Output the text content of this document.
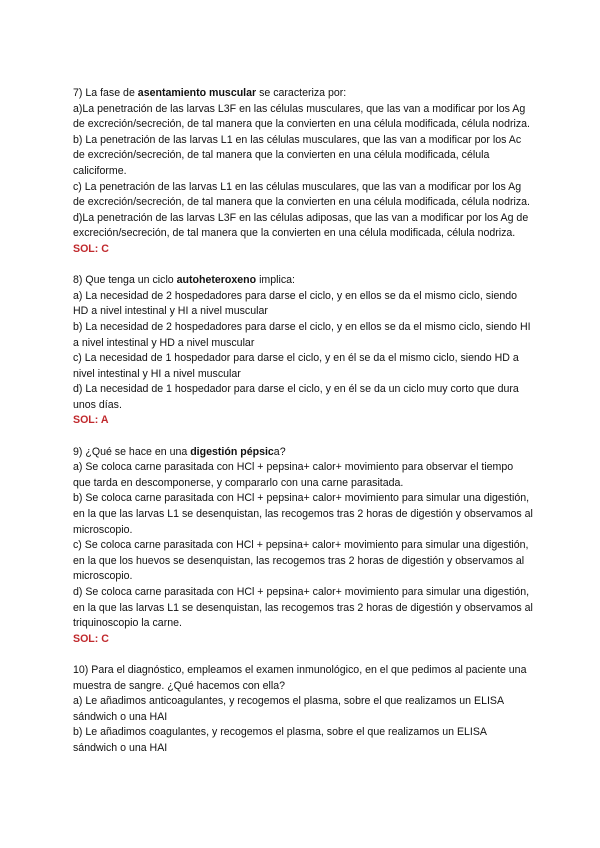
7) La fase de asentamiento muscular se caracteriza por:
a)La penetración de las larvas L3F en las células musculares, que las van a modificar por los Ag de excreción/secreción, de tal manera que la convierten en una célula modificada, célula nodriza.
b) La penetración de las larvas L1 en las células musculares, que las van a modificar por los Ac de excreción/secreción, de tal manera que la convierten en una célula modificada, célula caliciforme.
c) La penetración de las larvas L1 en las células musculares, que las van a modificar por los Ag de excreción/secreción, de tal manera que la convierten en una célula modificada, célula nodriza.
d)La penetración de las larvas L3F en las células adiposas, que las van a modificar por los Ag de excreción/secreción, de tal manera que la convierten en una célula modificada, célula nodriza.
SOL: C
8) Que tenga un ciclo autoheteroxeno implica:
a) La necesidad de 2 hospedadores para darse el ciclo, y en ellos se da el mismo ciclo, siendo HD a nivel intestinal y HI a nivel muscular
b) La necesidad de 2 hospedadores para darse el ciclo, y en ellos se da el mismo ciclo, siendo HI a nivel intestinal y HD a nivel muscular
c) La necesidad de 1 hospedador para darse el ciclo, y en él se da el mismo ciclo, siendo HD a nivel intestinal y HI a nivel muscular
d) La necesidad de 1 hospedador para darse el ciclo, y en él se da un ciclo muy corto que dura unos días.
SOL: A
9) ¿Qué se hace en una digestión pépsica?
a) Se coloca carne parasitada con HCl + pepsina+ calor+ movimiento para observar el tiempo que tarda en descomponerse, y compararlo con una carne parasitada.
b) Se coloca carne parasitada con HCl + pepsina+ calor+ movimiento para simular una digestión, en la que las larvas L1 se desenquistan, las recogemos tras 2 horas de digestión y observamos al microscopio.
c) Se coloca carne parasitada con HCl + pepsina+ calor+ movimiento para simular una digestión, en la que los huevos se desenquistan, las recogemos tras 2 horas de digestión y observamos al microscopio.
d) Se coloca carne parasitada con HCl + pepsina+ calor+ movimiento para simular una digestión, en la que las larvas L1 se desenquistan, las recogemos tras 2 horas de digestión y observamos al triquinoscopio la carne.
SOL: C
10) Para el diagnóstico, empleamos el examen inmunológico, en el que pedimos al paciente una muestra de sangre. ¿Qué hacemos con ella?
a) Le añadimos anticoagulantes, y recogemos el plasma, sobre el que realizamos un ELISA sándwich o una HAI
b) Le añadimos coagulantes, y recogemos el plasma, sobre el que realizamos un ELISA sándwich o una HAI
